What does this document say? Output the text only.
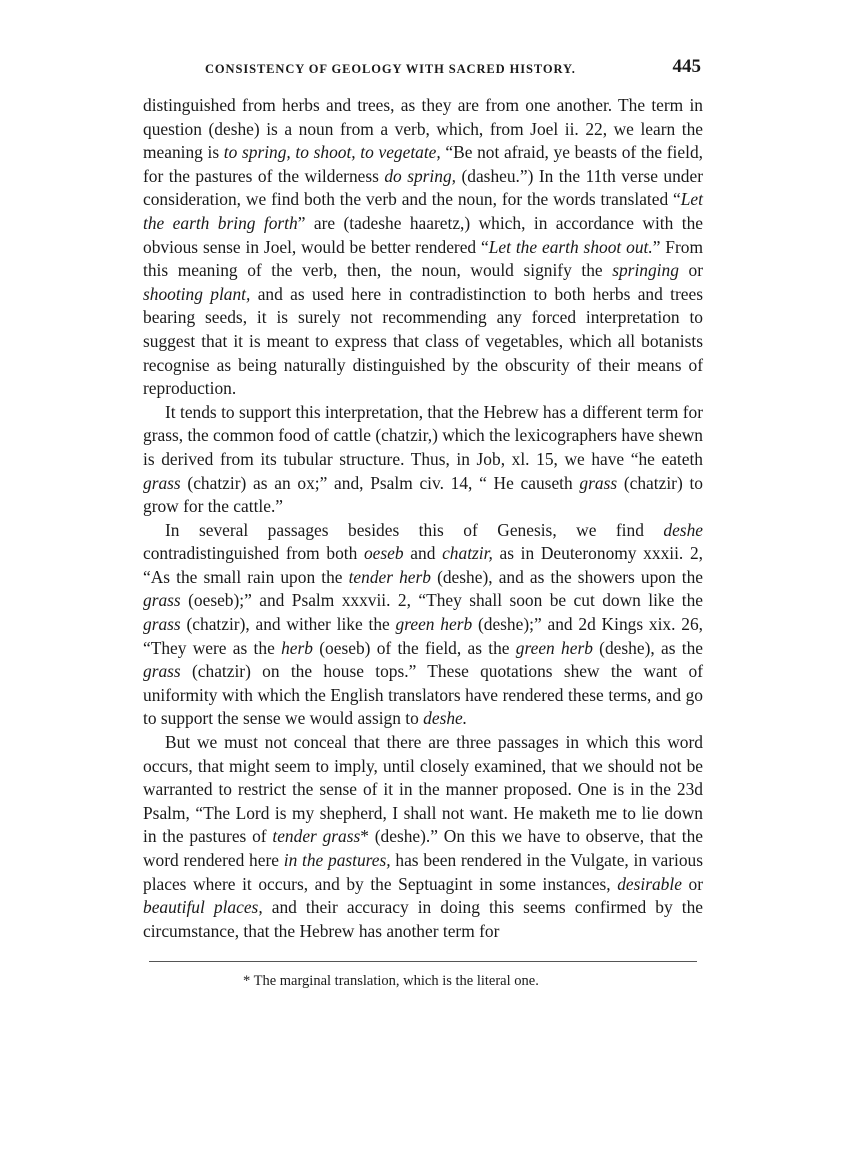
CONSISTENCY OF GEOLOGY WITH SACRED HISTORY.	445

distinguished from herbs and trees, as they are from one another. The term in question (deshe) is a noun from a verb, which, from Joel ii. 22, we learn the meaning is to spring, to shoot, to vegetate, “Be not afraid, ye beasts of the field, for the pastures of the wilderness do spring, (dasheu.”) In the 11th verse under consideration, we find both the verb and the noun, for the words translated “Let the earth bring forth” are (tadeshe haaretz,) which, in accordance with the obvious sense in Joel, would be better rendered “Let the earth shoot out.” From this meaning of the verb, then, the noun, would signify the springing or shooting plant, and as used here in contradistinction to both herbs and trees bearing seeds, it is surely not recommending any forced interpretation to suggest that it is meant to express that class of vegetables, which all botanists recognise as being naturally distinguished by the obscurity of their means of reproduction.

It tends to support this interpretation, that the Hebrew has a different term for grass, the common food of cattle (chatzir,) which the lexicographers have shewn is derived from its tubular structure. Thus, in Job, xl. 15, we have “he eateth grass (chatzir) as an ox;” and, Psalm civ. 14, “ He causeth grass (chatzir) to grow for the cattle.”

In several passages besides this of Genesis, we find deshe contradistinguished from both oeseb and chatzir, as in Deuteronomy xxxii. 2, “As the small rain upon the tender herb (deshe), and as the showers upon the grass (oeseb);” and Psalm xxxvii. 2, “They shall soon be cut down like the grass (chatzir), and wither like the green herb (deshe);” and 2d Kings xix. 26, “They were as the herb (oeseb) of the field, as the green herb (deshe), as the grass (chatzir) on the house tops.” These quotations shew the want of uniformity with which the English translators have rendered these terms, and go to support the sense we would assign to deshe.

But we must not conceal that there are three passages in which this word occurs, that might seem to imply, until closely examined, that we should not be warranted to restrict the sense of it in the manner proposed. One is in the 23d Psalm, “The Lord is my shepherd, I shall not want. He maketh me to lie down in the pastures of tender grass* (deshe).” On this we have to observe, that the word rendered here in the pastures, has been rendered in the Vulgate, in various places where it occurs, and by the Septuagint in some instances, desirable or beautiful places, and their accuracy in doing this seems confirmed by the circumstance, that the Hebrew has another term for

* The marginal translation, which is the literal one.
